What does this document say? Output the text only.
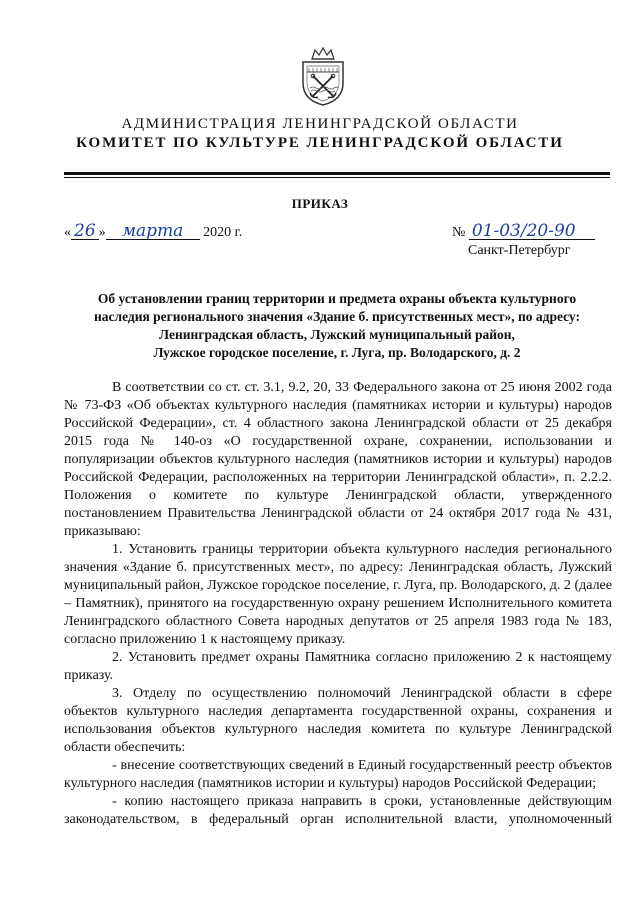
АДМИНИСТРАЦИЯ ЛЕНИНГРАДСКОЙ ОБЛАСТИ
КОМИТЕТ ПО КУЛЬТУРЕ ЛЕНИНГРАДСКОЙ ОБЛАСТИ
ПРИКАЗ
« 26 » марта 2020 г.	№ 01-03/20-90
Санкт-Петербург
Об установлении границ территории и предмета охраны объекта культурного
наследия регионального значения «Здание б. присутственных мест», по адресу:
Ленинградская область, Лужский муниципальный район,
Лужское городское поселение, г. Луга, пр. Володарского, д. 2

В соответствии со ст. ст. 3.1, 9.2, 20, 33 Федерального закона от 25 июня 2002 года № 73-ФЗ «Об объектах культурного наследия (памятниках истории и культуры) народов Российской Федерации», ст. 4 областного закона Ленинградской области от 25 декабря 2015 года № 140-оз «О государственной охране, сохранении, использовании и популяризации объектов культурного наследия (памятников истории и культуры) народов Российской Федерации, расположенных на территории Ленинградской области», п. 2.2.2. Положения о комитете по культуре Ленинградской области, утвержденного постановлением Правительства Ленинградской области от 24 октября 2017 года № 431, приказываю:

1. Установить границы территории объекта культурного наследия регионального значения «Здание б. присутственных мест», по адресу: Ленинградская область, Лужский муниципальный район, Лужское городское поселение, г. Луга, пр. Володарского, д. 2 (далее – Памятник), принятого на государственную охрану решением Исполнительного комитета Ленинградского областного Совета народных депутатов от 25 апреля 1983 года № 183, согласно приложению 1 к настоящему приказу.

2. Установить предмет охраны Памятника согласно приложению 2 к настоящему приказу.

3. Отделу по осуществлению полномочий Ленинградской области в сфере объектов культурного наследия департамента государственной охраны, сохранения и использования объектов культурного наследия комитета по культуре Ленинградской области обеспечить:

- внесение соответствующих сведений в Единый государственный реестр объектов культурного наследия (памятников истории и культуры) народов Российской Федерации;

- копию настоящего приказа направить в сроки, установленные действующим законодательством, в федеральный орган исполнительной власти, уполномоченный
